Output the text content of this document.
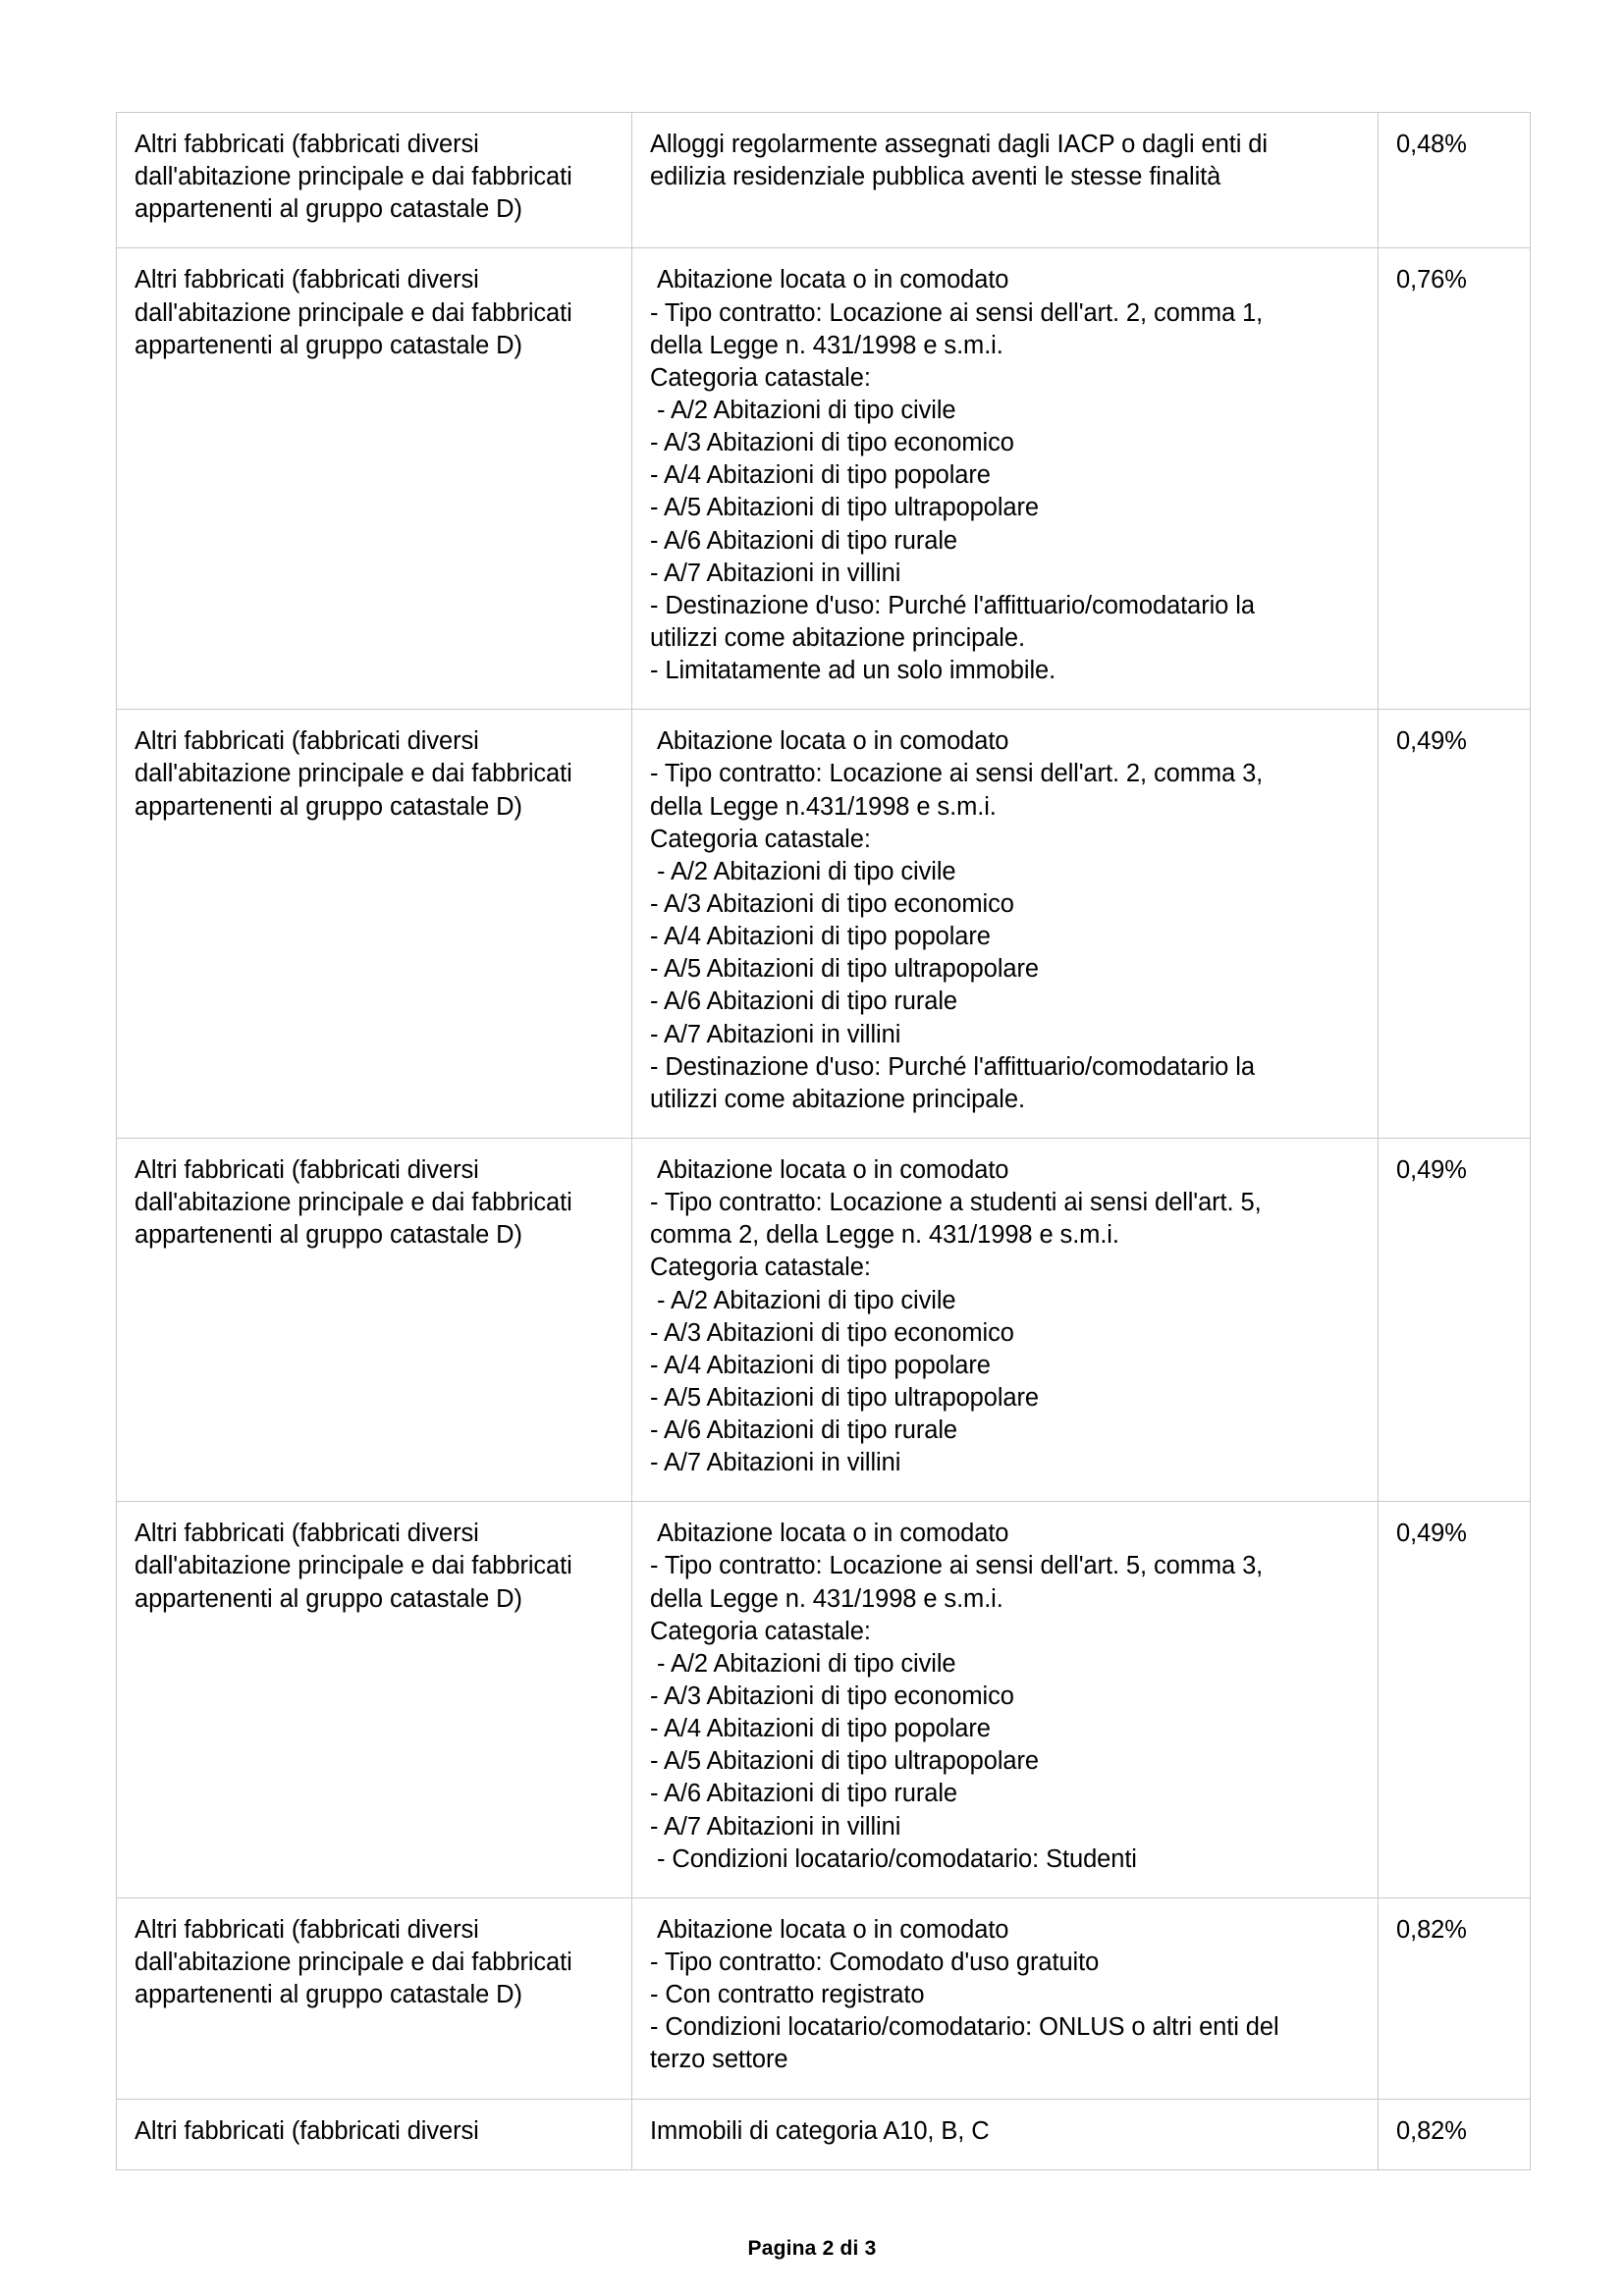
Altri fabbricati (fabbricati diversi
dall'abitazione principale e dai fabbricati
appartenenti al gruppo catastale D)	Alloggi regolarmente assegnati dagli IACP o dagli enti di
edilizia residenziale pubblica aventi le stesse finalità	0,48%
Altri fabbricati (fabbricati diversi
dall'abitazione principale e dai fabbricati
appartenenti al gruppo catastale D)	Abitazione locata o in comodato
- Tipo contratto: Locazione ai sensi dell'art. 2, comma 1,
della Legge n. 431/1998 e s.m.i.
Categoria catastale:
- A/2 Abitazioni di tipo civile
- A/3 Abitazioni di tipo economico
- A/4 Abitazioni di tipo popolare
- A/5 Abitazioni di tipo ultrapopolare
- A/6 Abitazioni di tipo rurale
- A/7 Abitazioni in villini
- Destinazione d'uso: Purché l'affittuario/comodatario la
utilizzi come abitazione principale.
- Limitatamente ad un solo immobile.	0,76%
Altri fabbricati (fabbricati diversi
dall'abitazione principale e dai fabbricati
appartenenti al gruppo catastale D)	Abitazione locata o in comodato
- Tipo contratto: Locazione ai sensi dell'art. 2, comma 3,
della Legge n.431/1998 e s.m.i.
Categoria catastale:
- A/2 Abitazioni di tipo civile
- A/3 Abitazioni di tipo economico
- A/4 Abitazioni di tipo popolare
- A/5 Abitazioni di tipo ultrapopolare
- A/6 Abitazioni di tipo rurale
- A/7 Abitazioni in villini
- Destinazione d'uso: Purché l'affittuario/comodatario la
utilizzi come abitazione principale.	0,49%
Altri fabbricati (fabbricati diversi
dall'abitazione principale e dai fabbricati
appartenenti al gruppo catastale D)	Abitazione locata o in comodato
- Tipo contratto: Locazione a studenti ai sensi dell'art. 5,
comma 2, della Legge n. 431/1998 e s.m.i.
Categoria catastale:
- A/2 Abitazioni di tipo civile
- A/3 Abitazioni di tipo economico
- A/4 Abitazioni di tipo popolare
- A/5 Abitazioni di tipo ultrapopolare
- A/6 Abitazioni di tipo rurale
- A/7 Abitazioni in villini	0,49%
Altri fabbricati (fabbricati diversi
dall'abitazione principale e dai fabbricati
appartenenti al gruppo catastale D)	Abitazione locata o in comodato
- Tipo contratto: Locazione ai sensi dell'art. 5, comma 3,
della Legge n. 431/1998 e s.m.i.
Categoria catastale:
- A/2 Abitazioni di tipo civile
- A/3 Abitazioni di tipo economico
- A/4 Abitazioni di tipo popolare
- A/5 Abitazioni di tipo ultrapopolare
- A/6 Abitazioni di tipo rurale
- A/7 Abitazioni in villini
- Condizioni locatario/comodatario: Studenti	0,49%
Altri fabbricati (fabbricati diversi
dall'abitazione principale e dai fabbricati
appartenenti al gruppo catastale D)	Abitazione locata o in comodato
- Tipo contratto: Comodato d'uso gratuito
- Con contratto registrato
- Condizioni locatario/comodatario: ONLUS o altri enti del
terzo settore	0,82%
Altri fabbricati (fabbricati diversi	Immobili di categoria A10, B, C	0,82%
Pagina 2 di 3
